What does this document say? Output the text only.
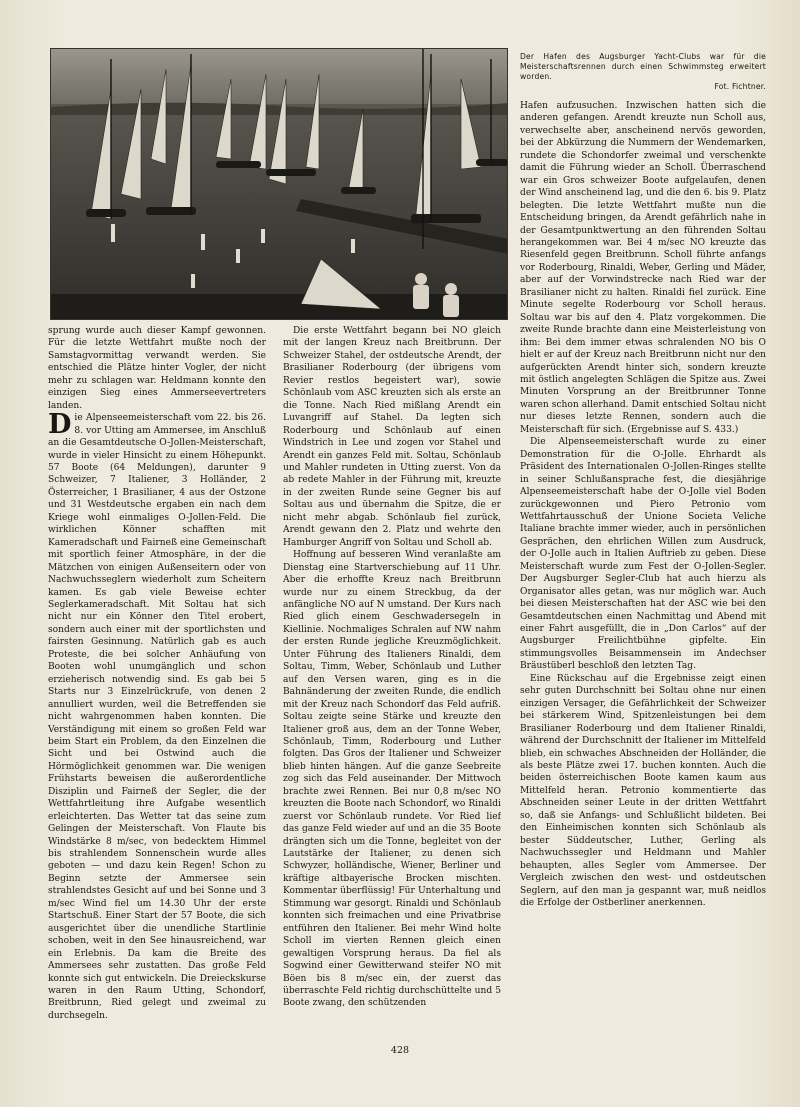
Der Hafen des Augsburger Yacht-Clubs war für die Meisterschaftsrennen durch einen Schwimmsteg erweitert worden.
Fot. Fichtner.

sprung wurde auch dieser Kampf gewonnen. Für die letzte Wettfahrt mußte noch der Samstagvormittag verwandt werden. Sie entschied die Plätze hinter Vogler, der nicht mehr zu schlagen war. Heldmann konnte den einzigen Sieg eines Ammerseevertreters landen.

Die Alpenseemeisterschaft vom 22. bis 26. 8. vor Utting am Ammersee, im Anschluß an die Gesamtdeutsche O-Jollen-Meisterschaft, wurde in vieler Hinsicht zu einem Höhepunkt. 57 Boote (64 Meldungen), darunter 9 Schweizer, 7 Italiener, 3 Holländer, 2 Österreicher, 1 Brasilianer, 4 aus der Ostzone und 31 Westdeutsche ergaben ein nach dem Kriege wohl einmaliges O-Jollen-Feld. Die wirklichen Könner schafften mit Kameradschaft und Fairneß eine Gemeinschaft mit sportlich feiner Atmosphäre, in der die Mätzchen von einigen Außenseitern oder von Nachwuchsseglern wiederholt zum Scheitern kamen. Es gab viele Beweise echter Seglerkameradschaft. Mit Soltau hat sich nicht nur ein Könner den Titel erobert, sondern auch einer mit der sportlichsten und fairsten Gesinnung. Natürlich gab es auch Proteste, die bei solcher Anhäufung von Booten wohl unumgänglich und schon erzieherisch notwendig sind. Es gab bei 5 Starts nur 3 Einzelrückrufe, von denen 2 annulliert wurden, weil die Betreffenden sie nicht wahrgenommen haben konnten. Die Verständigung mit einem so großen Feld war beim Start ein Problem, da den Einzelnen die Sicht und bei Ostwind auch die Hörmöglichkeit genommen war. Die wenigen Frühstarts beweisen die außerordentliche Disziplin und Fairneß der Segler, die der Wettfahrtleitung ihre Aufgabe wesentlich erleichterten. Das Wetter tat das seine zum Gelingen der Meisterschaft. Von Flaute bis Windstärke 8 m/sec, von bedecktem Himmel bis strahlendem Sonnenschein wurde alles geboten — und dazu kein Regen! Schon zu Beginn setzte der Ammersee sein strahlendstes Gesicht auf und bei Sonne und 3 m/sec Wind fiel um 14.30 Uhr der erste Startschuß. Einer Start der 57 Boote, die sich ausgerichtet über die unendliche Startlinie schoben, weit in den See hinausreichend, war ein Erlebnis. Da kam die Breite des Ammersees sehr zustatten. Das große Feld konnte sich gut entwickeln. Die Dreieckskurse waren in den Raum Utting, Schondorf, Breitbrunn, Ried gelegt und zweimal zu durchsegeln.

Die erste Wettfahrt begann bei NO gleich mit der langen Kreuz nach Breitbrunn. Der Schweizer Stahel, der ostdeutsche Arendt, der Brasilianer Roderbourg (der übrigens vom Revier restlos begeistert war), sowie Schönlaub vom ASC kreuzten sich als erste an die Tonne. Nach Ried mißlang Arendt ein Luvangriff auf Stahel. Da legten sich Roderbourg und Schönlaub auf einen Windstrich in Lee und zogen vor Stahel und Arendt ein ganzes Feld mit. Soltau, Schönlaub und Mahler rundeten in Utting zuerst. Von da ab redete Mahler in der Führung mit, kreuzte in der zweiten Runde seine Gegner bis auf Soltau aus und übernahm die Spitze, die er nicht mehr abgab. Schönlaub fiel zurück, Arendt gewann den 2. Platz und wehrte den Hamburger Angriff von Soltau und Scholl ab.

Hoffnung auf besseren Wind veranlaßte am Dienstag eine Startverschiebung auf 11 Uhr. Aber die erhoffte Kreuz nach Breitbrunn wurde nur zu einem Streckbug, da der anfängliche NO auf N umstand. Der Kurs nach Ried glich einem Geschwadersegeln in Kiellinie. Nochmaliges Schralen auf NW nahm der ersten Runde jegliche Kreuzmöglichkeit. Unter Führung des Italieners Rinaldi, dem Soltau, Timm, Weber, Schönlaub und Luther auf den Versen waren, ging es in die Bahnänderung der zweiten Runde, die endlich mit der Kreuz nach Schondorf das Feld aufriß. Soltau zeigte seine Stärke und kreuzte den Italiener groß aus, dem an der Tonne Weber, Schönlaub, Timm, Roderbourg und Luther folgten. Das Gros der Italiener und Schweizer blieb hinten hängen. Auf die ganze Seebreite zog sich das Feld auseinander. Der Mittwoch brachte zwei Rennen. Bei nur 0,8 m/sec NO kreuzten die Boote nach Schondorf, wo Rinaldi zuerst vor Schönlaub rundete. Vor Ried lief das ganze Feld wieder auf und an die 35 Boote drängten sich um die Tonne, begleitet von der Lautstärke der Italiener, zu denen sich Schwyzer, holländische, Wiener, Berliner und kräftige altbayerische Brocken mischten. Kommentar überflüssig! Für Unterhaltung und Stimmung war gesorgt. Rinaldi und Schönlaub konnten sich freimachen und eine Privatbrise entführen den Italiener. Bei mehr Wind holte Scholl im vierten Rennen gleich einen gewaltigen Vorsprung heraus. Da fiel als Sogwind einer Gewitterwand steifer NO mit Böen bis 8 m/sec ein, der zuerst das überraschte Feld richtig durchschüttelte und 5 Boote zwang, den schützenden

Hafen aufzusuchen. Inzwischen hatten sich die anderen gefangen. Arendt kreuzte nun Scholl aus, verwechselte aber, anscheinend nervös geworden, bei der Abkürzung die Nummern der Wendemarken, rundete die Schondorfer zweimal und verschenkte damit die Führung wieder an Scholl. Überraschend war ein Gros schweizer Boote aufgelaufen, denen der Wind anscheinend lag, und die den 6. bis 9. Platz belegten. Die letzte Wettfahrt mußte nun die Entscheidung bringen, da Arendt gefährlich nahe in der Gesamtpunktwertung an den führenden Soltau herangekommen war. Bei 4 m/sec NO kreuzte das Riesenfeld gegen Breitbrunn. Scholl führte anfangs vor Roderbourg, Rinaldi, Weber, Gerling und Mäder, aber auf der Vorwindstrecke nach Ried war der Brasilianer nicht zu halten. Rinaldi fiel zurück. Eine Minute segelte Roderbourg vor Scholl heraus. Soltau war bis auf den 4. Platz vorgekommen. Die zweite Runde brachte dann eine Meisterleistung von ihm: Bei dem immer etwas schralenden NO bis O hielt er auf der Kreuz nach Breitbrunn nicht nur den aufgerückten Arendt hinter sich, sondern kreuzte mit östlich angelegten Schlägen die Spitze aus. Zwei Minuten Vorsprung an der Breitbrunner Tonne waren schon allerhand. Damit entschied Soltau nicht nur dieses letzte Rennen, sondern auch die Meisterschaft für sich. (Ergebnisse auf S. 433.)

Die Alpenseemeisterschaft wurde zu einer Demonstration für die O-Jolle. Ehrhardt als Präsident des Internationalen O-Jollen-Ringes stellte in seiner Schlußansprache fest, die diesjährige Alpenseemeisterschaft habe der O-Jolle viel Boden zurückgewonnen und Piero Petronio vom Wettfahrtausschuß der Unione Societa Veliche Italiane brachte immer wieder, auch in persönlichen Gesprächen, den ehrlichen Willen zum Ausdruck, der O-Jolle auch in Italien Auftrieb zu geben. Diese Meisterschaft wurde zum Fest der O-Jollen-Segler. Der Augsburger Segler-Club hat auch hierzu als Organisator alles getan, was nur möglich war. Auch bei diesen Meisterschaften hat der ASC wie bei den Gesamtdeutschen einen Nachmittag und Abend mit einer Fahrt ausgefüllt, die in „Don Carlos“ auf der Augsburger Freilichtbühne gipfelte. Ein stimmungsvolles Beisammensein im Andechser Bräustüberl beschloß den letzten Tag.

Eine Rückschau auf die Ergebnisse zeigt einen sehr guten Durchschnitt bei Soltau ohne nur einen einzigen Versager, die Gefährlichkeit der Schweizer bei stärkerem Wind, Spitzenleistungen bei dem Brasilianer Roderbourg und dem Italiener Rinaldi, während der Durchschnitt der Italiener im Mittelfeld blieb, ein schwaches Abschneiden der Holländer, die als beste Plätze zwei 17. buchen konnten. Auch die beiden österreichischen Boote kamen kaum aus Mittelfeld heran. Petronio kommentierte das Abschneiden seiner Leute in der dritten Wettfahrt so, daß sie Anfangs- und Schlußlicht bildeten. Bei den Einheimischen konnten sich Schönlaub als bester Süddeutscher, Luther, Gerling als Nachwuchssegler und Heldmann und Mahler behaupten, alles Segler vom Ammersee. Der Vergleich zwischen den west- und ostdeutschen Seglern, auf den man ja gespannt war, muß neidlos die Erfolge der Ostberliner anerkennen.

428
